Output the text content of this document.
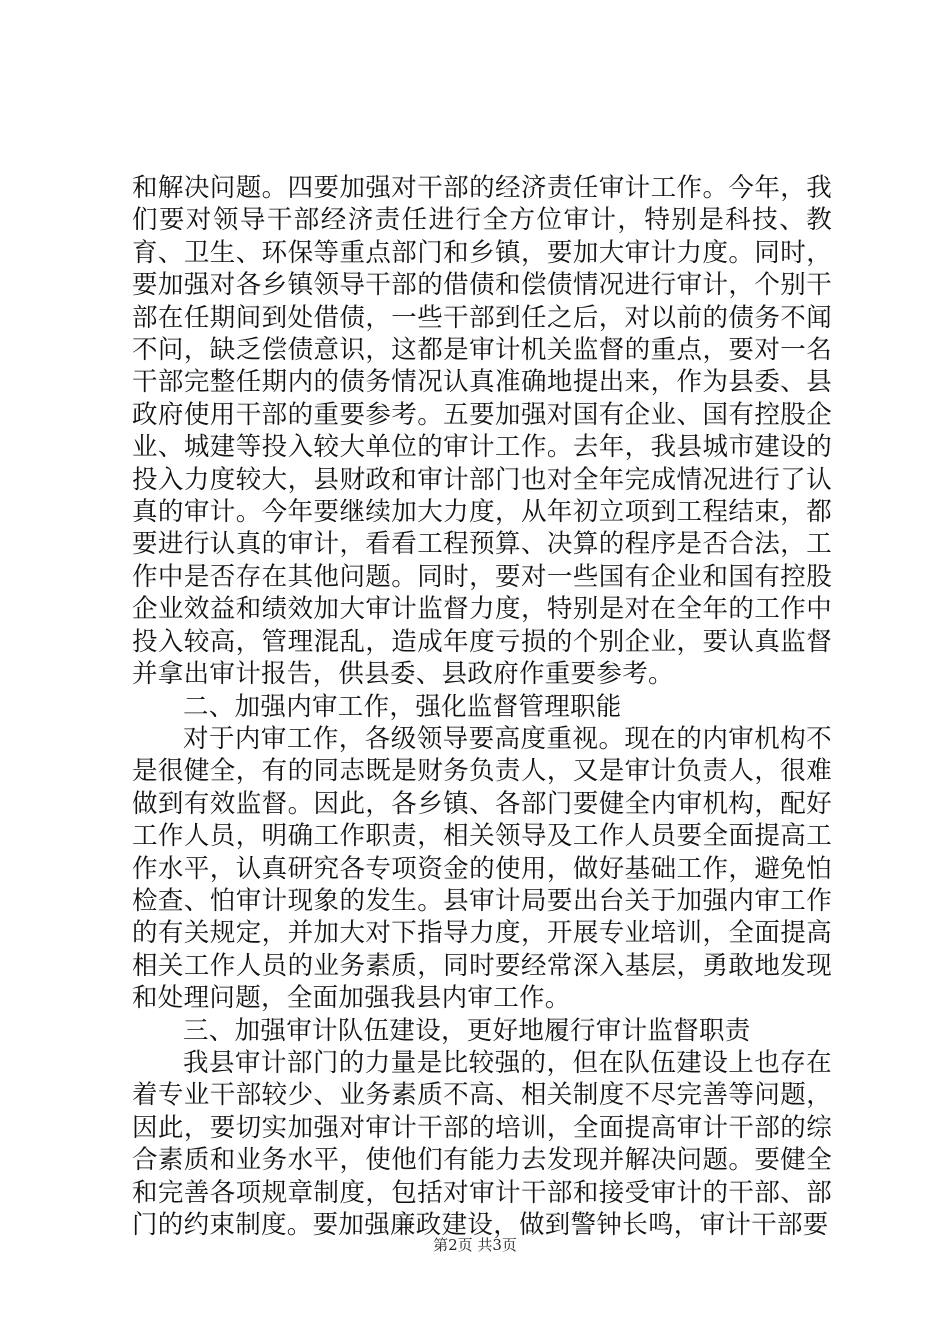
和解决问题。四要加强对干部的经济责任审计工作。今年，我们要对领导干部经济责任进行全方位审计，特别是科技、教育、卫生、环保等重点部门和乡镇，要加大审计力度。同时，要加强对各乡镇领导干部的借债和偿债情况进行审计，个别干部在任期间到处借债，一些干部到任之后，对以前的债务不闻不问，缺乏偿债意识，这都是审计机关监督的重点，要对一名干部完整任期内的债务情况认真准确地提出来，作为县委、县政府使用干部的重要参考。五要加强对国有企业、国有控股企业、城建等投入较大单位的审计工作。去年，我县城市建设的投入力度较大，县财政和审计部门也对全年完成情况进行了认真的审计。今年要继续加大力度，从年初立项到工程结束，都要进行认真的审计，看看工程预算、决算的程序是否合法，工作中是否存在其他问题。同时，要对一些国有企业和国有控股企业效益和绩效加大审计监督力度，特别是对在全年的工作中投入较高，管理混乱，造成年度亏损的个别企业，要认真监督并拿出审计报告，供县委、县政府作重要参考。

二、加强内审工作，强化监督管理职能

对于内审工作，各级领导要高度重视。现在的内审机构不是很健全，有的同志既是财务负责人，又是审计负责人，很难做到有效监督。因此，各乡镇、各部门要健全内审机构，配好工作人员，明确工作职责，相关领导及工作人员要全面提高工作水平，认真研究各专项资金的使用，做好基础工作，避免怕检查、怕审计现象的发生。县审计局要出台关于加强内审工作的有关规定，并加大对下指导力度，开展专业培训，全面提高相关工作人员的业务素质，同时要经常深入基层，勇敢地发现和处理问题，全面加强我县内审工作。

三、加强审计队伍建设，更好地履行审计监督职责

我县审计部门的力量是比较强的，但在队伍建设上也存在着专业干部较少、业务素质不高、相关制度不尽完善等问题，因此，要切实加强对审计干部的培训，全面提高审计干部的综合素质和业务水平，使他们有能力去发现并解决问题。要健全和完善各项规章制度，包括对审计干部和接受审计的干部、部门的约束制度。要加强廉政建设，做到警钟长鸣，审计干部要

第2页 共3页
